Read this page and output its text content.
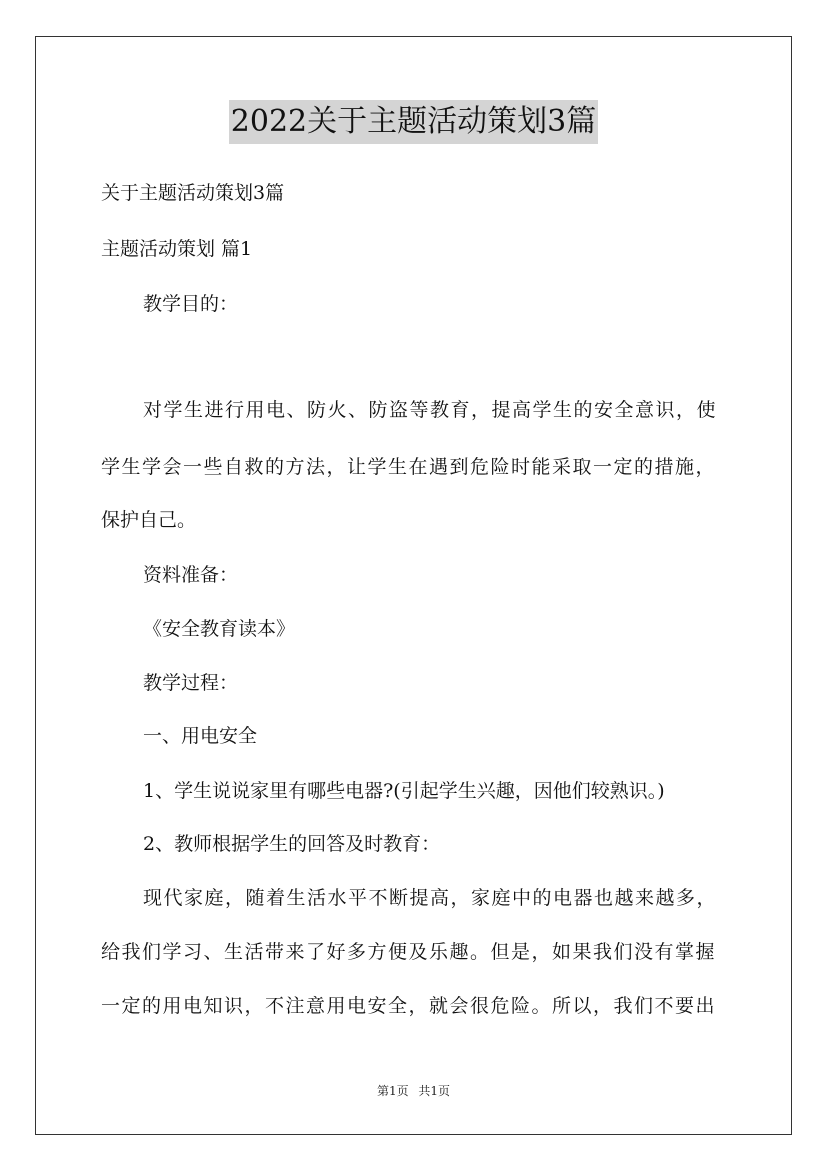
2022关于主题活动策划3篇
关于主题活动策划3篇
主题活动策划 篇1
教学目的：
对学生进行用电、防火、防盗等教育，提高学生的安全意识，使
学生学会一些自救的方法，让学生在遇到危险时能采取一定的措施，
保护自己。
资料准备：
《安全教育读本》
教学过程：
一、用电安全
1、学生说说家里有哪些电器?(引起学生兴趣，因他们较熟识。)
2、教师根据学生的回答及时教育：
现代家庭，随着生活水平不断提高，家庭中的电器也越来越多，
给我们学习、生活带来了好多方便及乐趣。但是，如果我们没有掌握
一定的用电知识，不注意用电安全，就会很危险。所以，我们不要出
第1页 共1页
